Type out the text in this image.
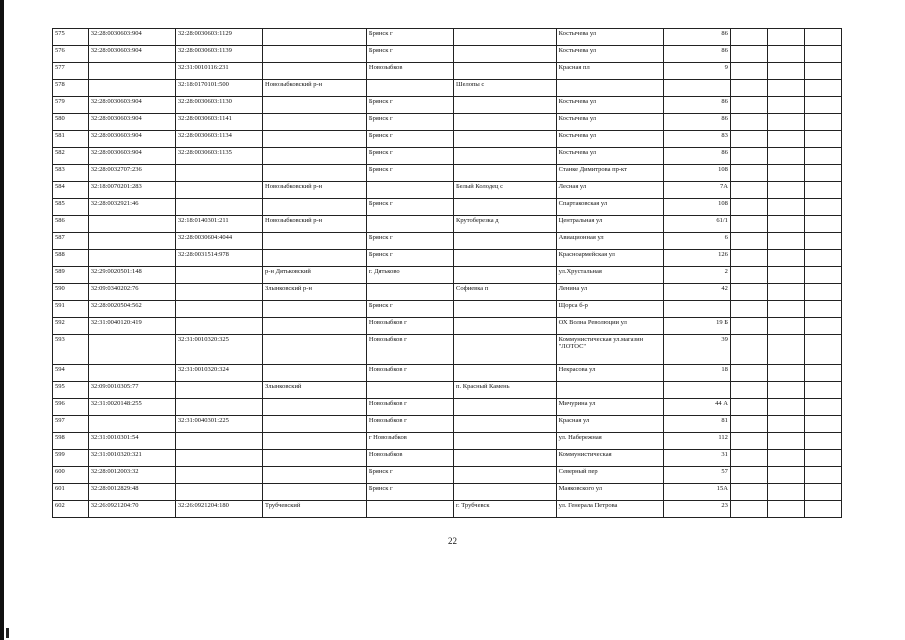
575	32:28:0030603:904	32:28:0030603:1129		Брянск г		Костычева ул	86			
576	32:28:0030603:904	32:28:0030603:1139		Брянск г		Костычева ул	86			
577		32:31:0010116:231		Новозыбков		Красная пл	9			
578		32:18:0170101:500	Новозыбковский р-н		Шелопы с					
579	32:28:0030603:904	32:28:0030603:1130		Брянск г		Костычева ул	86			
580	32:28:0030603:904	32:28:0030603:1141		Брянск г		Костычева ул	86			
581	32:28:0030603:904	32:28:0030603:1134		Брянск г		Костычева ул	83			
582	32:28:0030603:904	32:28:0030603:1135		Брянск г		Костычева ул	86			
583	32:28:0032707:236			Брянск г		Станке Димитрова пр-кт	108			
584	32:18:0070201:283		Новозыбковский р-н		Белый Колодец с	Лесная ул	7А			
585	32:28:0032921:46			Брянск г		Спартаковская ул	108			
586		32:18:0140301:211	Новозыбковский р-н		Крутоберезка д	Центральная ул	61/1			
587		32:28:0030604:4044		Брянск г		Авиационная ул	6			
588		32:28:0031514:978		Брянск г		Красноармейская ул	126			
589	32:29:0020501:148		р-н Дятьковский	г. Дятьково		ул.Хрустальная	2			
590	32:09:0340202:76		Злынковский р-н		Софиевка п	Ленина ул	42			
591	32:28:0020504:562			Брянск г		Щорса б-р				
592	32:31:0040120:419			Новозыбков г		ОХ Волна Революции ул	19 Б			
593		32:31:0010320:325		Новозыбков г		Коммунистическая ул.магазин "ЛОТОС"	39			
594		32:31:0010320:324		Новозыбков г		Некрасова ул	18			
595	32:09:0010305:77		Злынковский		п. Красный Камень					
596	32:31:0020148:255			Новозыбков г		Мичурина ул	44 А			
597		32:31:0040301:225		Новозыбков г		Красная ул	81			
598	32:31:0010301:54			г Новозыбков		ул. Набережная	112			
599	32:31:0010320:321			Новозыбков		Коммунистическая	31			
600	32:28:0012003:32			Брянск г		Северный пер	57			
601	32:28:0012829:48			Брянск г		Маяковского ул	15А			
602	32:26:0921204:70	32:26:0921204:180	Трубчевский		г. Трубчевск	ул. Генерала Петрова	23			
22
